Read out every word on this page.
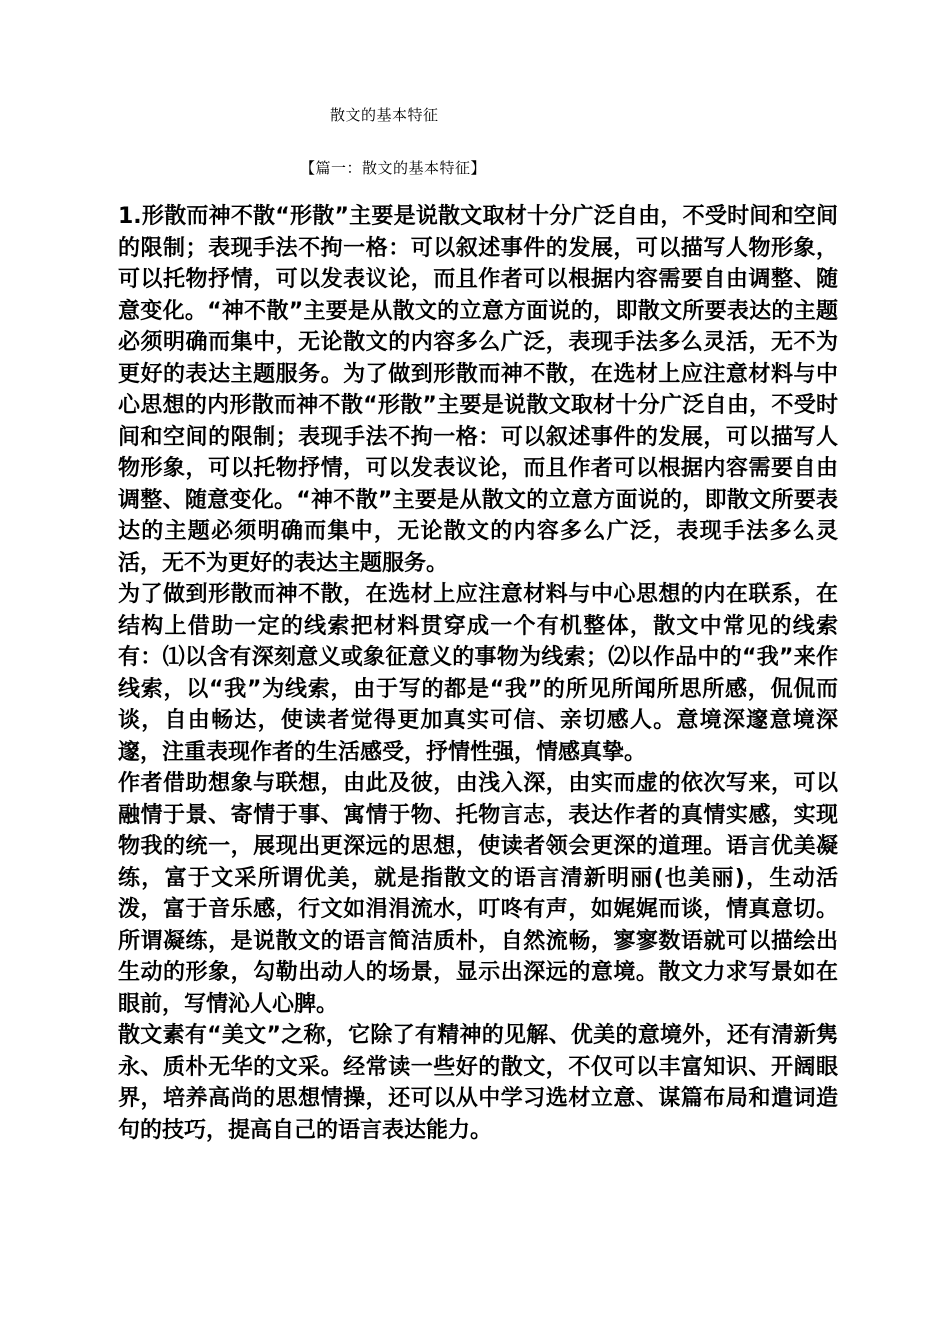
散文的基本特征
【篇一：散文的基本特征】

1.形散而神不散“形散”主要是说散文取材十分广泛自由，不受时间和空间的限制；表现手法不拘一格：可以叙述事件的发展，可以描写人物形象，可以托物抒情，可以发表议论，而且作者可以根据内容需要自由调整、随意变化。“神不散”主要是从散文的立意方面说的，即散文所要表达的主题必须明确而集中，无论散文的内容多么广泛，表现手法多么灵活，无不为更好的表达主题服务。为了做到形散而神不散，在选材上应注意材料与中心思想的内形散而神不散“形散”主要是说散文取材十分广泛自由，不受时间和空间的限制；表现手法不拘一格：可以叙述事件的发展，可以描写人物形象，可以托物抒情，可以发表议论，而且作者可以根据内容需要自由调整、随意变化。“神不散”主要是从散文的立意方面说的，即散文所要表达的主题必须明确而集中，无论散文的内容多么广泛，表现手法多么灵活，无不为更好的表达主题服务。

为了做到形散而神不散，在选材上应注意材料与中心思想的内在联系，在结构上借助一定的线索把材料贯穿成一个有机整体，散文中常见的线索有：⑴以含有深刻意义或象征意义的事物为线索；⑵以作品中的“我”来作线索，以“我”为线索，由于写的都是“我”的所见所闻所思所感，侃侃而谈，自由畅达，使读者觉得更加真实可信、亲切感人。意境深邃意境深邃，注重表现作者的生活感受，抒情性强，情感真挚。

作者借助想象与联想，由此及彼，由浅入深，由实而虚的依次写来，可以融情于景、寄情于事、寓情于物、托物言志，表达作者的真情实感，实现物我的统一，展现出更深远的思想，使读者领会更深的道理。语言优美凝练，富于文采所谓优美，就是指散文的语言清新明丽(也美丽)，生动活泼，富于音乐感，行文如涓涓流水，叮咚有声，如娓娓而谈，情真意切。所谓凝练，是说散文的语言简洁质朴，自然流畅，寥寥数语就可以描绘出生动的形象，勾勒出动人的场景，显示出深远的意境。散文力求写景如在眼前，写情沁人心脾。

散文素有“美文”之称，它除了有精神的见解、优美的意境外，还有清新隽永、质朴无华的文采。经常读一些好的散文，不仅可以丰富知识、开阔眼界，培养高尚的思想情操，还可以从中学习选材立意、谋篇布局和遣词造句的技巧，提高自己的语言表达能力。
